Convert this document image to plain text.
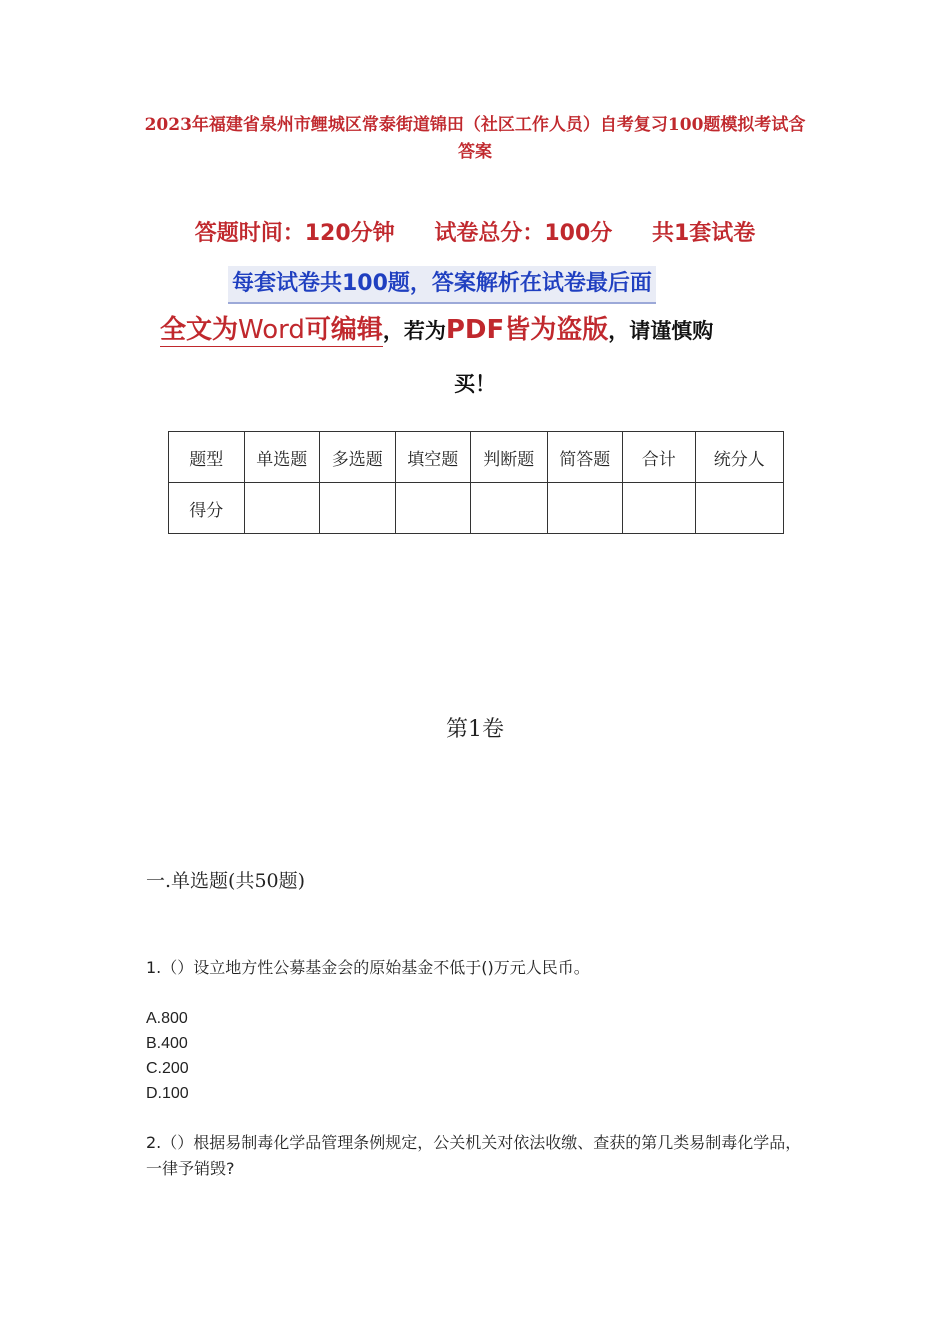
2023年福建省泉州市鲤城区常泰街道锦田（社区工作人员）自考复习100题模拟考试含答案
答题时间：120分钟 试卷总分：100分 共1套试卷
每套试卷共100题，答案解析在试卷最后面
全文为Word可编辑，若为PDF皆为盗版，请谨慎购
买！
题型	单选题	多选题	填空题	判断题	简答题	合计	统分人
得分							
第1卷
一.单选题(共50题)
1.（）设立地方性公募基金会的原始基金不低于()万元人民币。
A.800
B.400
C.200
D.100
2.（）根据易制毒化学品管理条例规定，公关机关对依法收缴、查获的第几类易制毒化学品，一律予销毁?
